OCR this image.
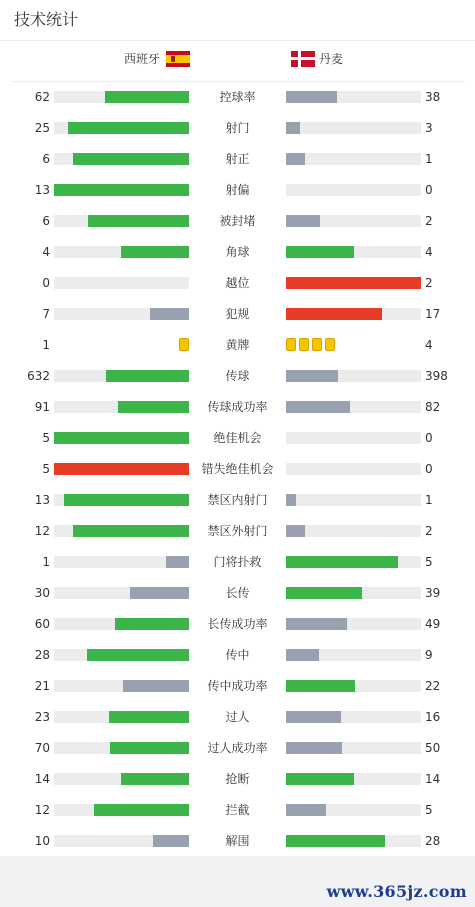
技术统计
西班牙	丹麦
62	控球率	38
25	射门	3
6	射正	1
13	射偏	0
6	被封堵	2
4	角球	4
0	越位	2
7	犯规	17
1	黄牌	4
632	传球	398
91	传球成功率	82
5	绝佳机会	0
5	错失绝佳机会	0
13	禁区内射门	1
12	禁区外射门	2
1	门将扑救	5
30	长传	39
60	长传成功率	49
28	传中	9
21	传中成功率	22
23	过人	16
70	过人成功率	50
14	抢断	14
12	拦截	5
10	解围	28
www.365jz.com
